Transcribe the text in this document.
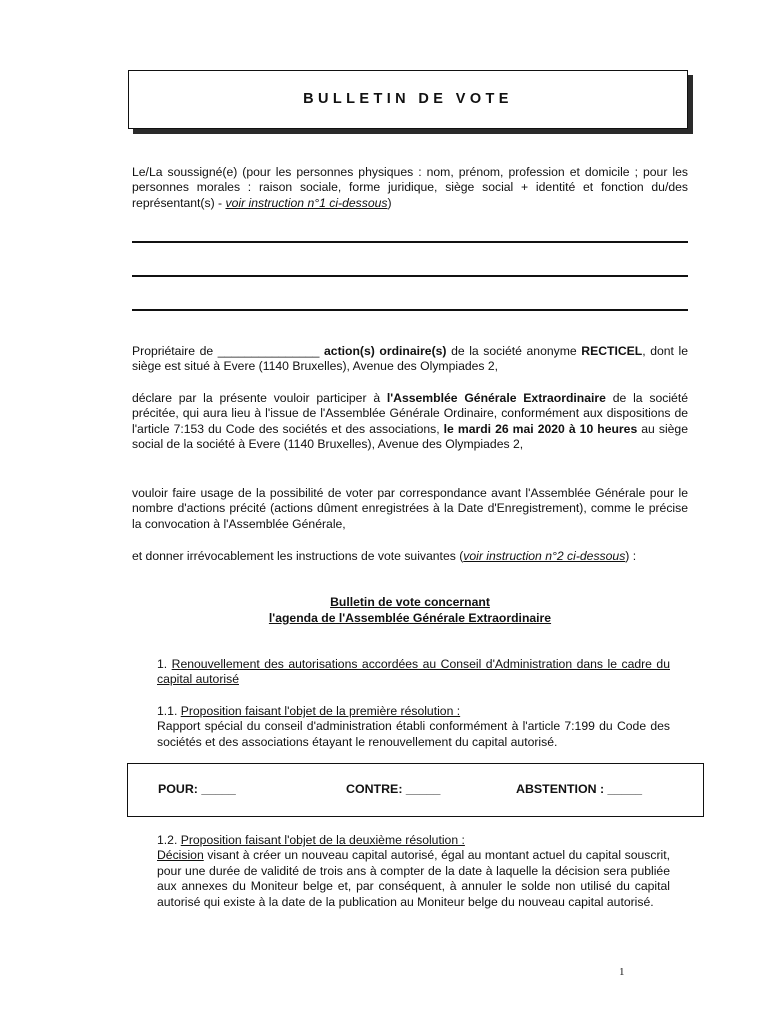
BULLETIN DE VOTE
Le/La soussigné(e) (pour les personnes physiques : nom, prénom, profession et domicile ; pour les personnes morales : raison sociale, forme juridique, siège social + identité et fonction du/des représentant(s) - voir instruction n°1 ci-dessous)
Propriétaire de _______________ action(s) ordinaire(s) de la société anonyme RECTICEL, dont le siège est situé à Evere (1140 Bruxelles), Avenue des Olympiades 2,
déclare par la présente vouloir participer à l'Assemblée Générale Extraordinaire de la société précitée, qui aura lieu à l'issue de l'Assemblée Générale Ordinaire, conformément aux dispositions de l'article 7:153 du Code des sociétés et des associations, le mardi 26 mai 2020 à 10 heures au siège social de la société à Evere (1140 Bruxelles), Avenue des Olympiades 2,
vouloir faire usage de la possibilité de voter par correspondance avant l'Assemblée Générale pour le nombre d'actions précité (actions dûment enregistrées à la Date d'Enregistrement), comme le précise la convocation à l'Assemblée Générale,
et donner irrévocablement les instructions de vote suivantes (voir instruction n°2 ci-dessous) :
Bulletin de vote concernant
l'agenda de l'Assemblée Générale Extraordinaire
1. Renouvellement des autorisations accordées au Conseil d'Administration dans le cadre du capital autorisé
1.1. Proposition faisant l'objet de la première résolution :
Rapport spécial du conseil d'administration établi conformément à l'article 7:199 du Code des sociétés et des associations étayant le renouvellement du capital autorisé.
POUR: _____	CONTRE: _____	ABSTENTION : _____
1.2. Proposition faisant l'objet de la deuxième résolution :
Décision visant à créer un nouveau capital autorisé, égal au montant actuel du capital souscrit, pour une durée de validité de trois ans à compter de la date à laquelle la décision sera publiée aux annexes du Moniteur belge et, par conséquent, à annuler le solde non utilisé du capital autorisé qui existe à la date de la publication au Moniteur belge du nouveau capital autorisé.
1
